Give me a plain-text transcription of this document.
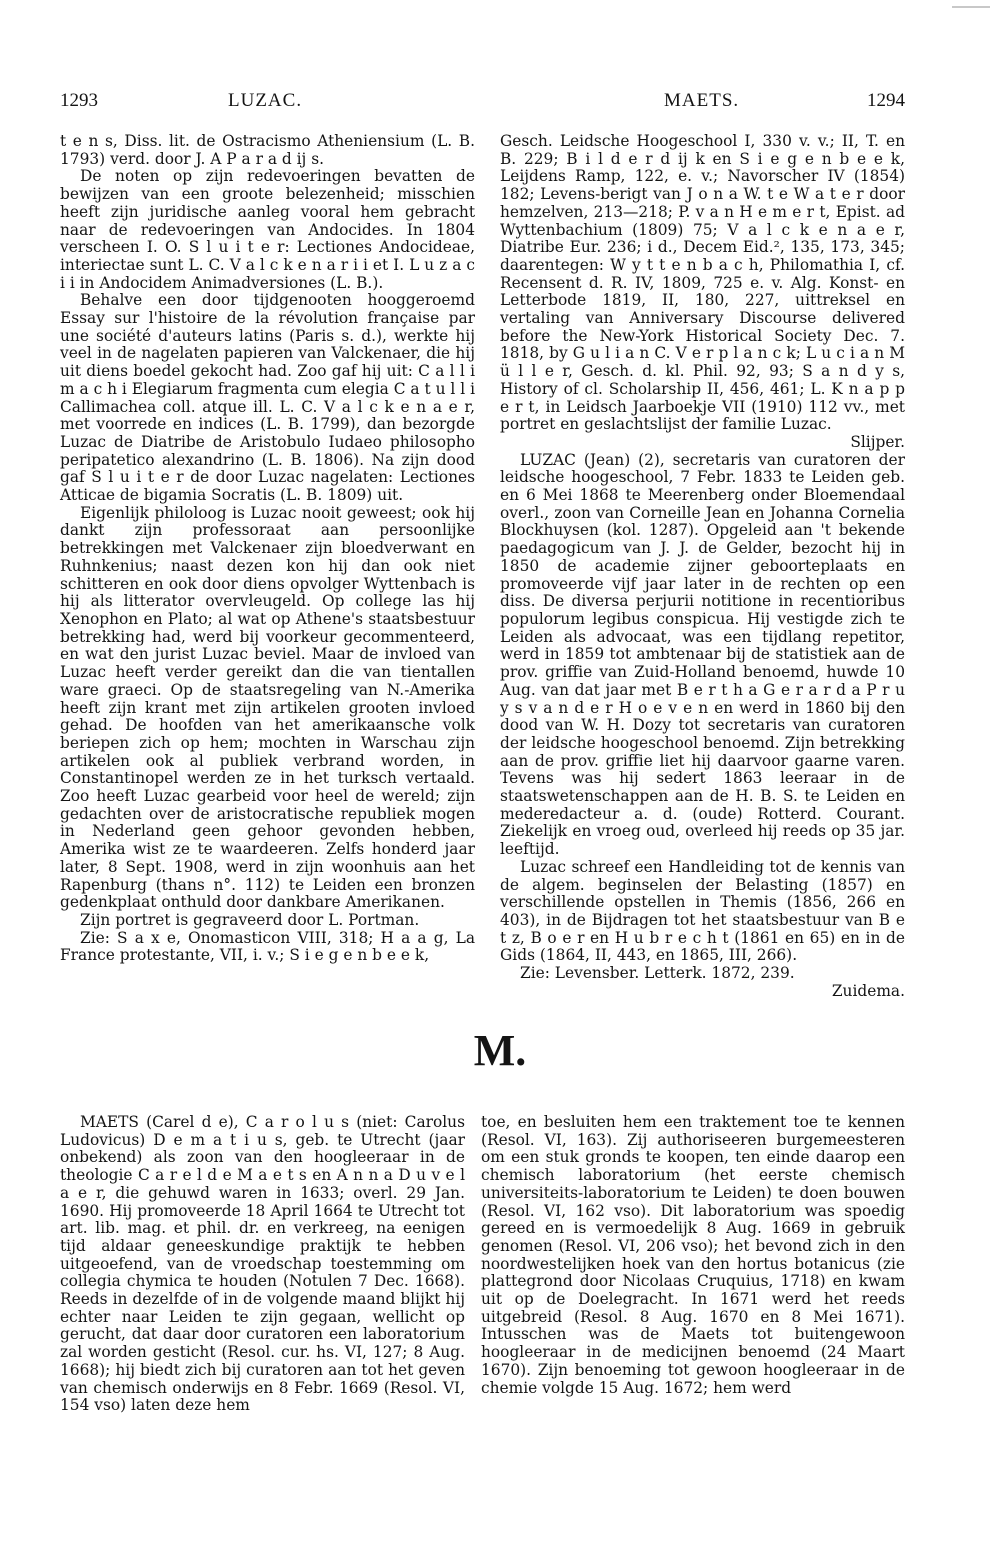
1293	LUZAC.	MAETS.	1294

t e n s, Diss. lit. de Ostracismo Atheniensium (L. B. 1793) verd. door J. A P a r a d ij s.

De noten op zijn redevoeringen bevatten de bewijzen van een groote belezenheid; misschien heeft zijn juridische aanleg vooral hem gebracht naar de redevoeringen van Andocides. In 1804 verscheen I. O. S l u i t e r: Lectiones Andocideae, interiectae sunt L. C. V a l c k e n a r i i et I. L u z a c i i in Andocidem Animadversiones (L. B.).

Behalve een door tijdgenooten hooggeroemd Essay sur l'histoire de la révolution française par une société d'auteurs latins (Paris s. d.), werkte hij veel in de nagelaten papieren van Valckenaer, die hij uit diens boedel gekocht had. Zoo gaf hij uit: C a l l i m a c h i Elegiarum fragmenta cum elegia C a t u l l i Callimachea coll. atque ill. L. C. V a l c k e n a e r, met voorrede en indices (L. B. 1799), dan bezorgde Luzac de Diatribe de Aristobulo Iudaeo philosopho peripatetico alexandrino (L. B. 1806). Na zijn dood gaf S l u i t e r de door Luzac nagelaten: Lectiones Atticae de bigamia Socratis (L. B. 1809) uit.

Eigenlijk philoloog is Luzac nooit geweest; ook hij dankt zijn professoraat aan persoonlijke betrekkingen met Valckenaer zijn bloedverwant en Ruhnkenius; naast dezen kon hij dan ook niet schitteren en ook door diens opvolger Wyttenbach is hij als litterator overvleugeld. Op college las hij Xenophon en Plato; al wat op Athene's staatsbestuur betrekking had, werd bij voorkeur gecommenteerd, en wat den jurist Luzac beviel. Maar de invloed van Luzac heeft verder gereikt dan die van tientallen ware graeci. Op de staatsregeling van N.-Amerika heeft zijn krant met zijn artikelen grooten invloed gehad. De hoofden van het amerikaansche volk beriepen zich op hem; mochten in Warschau zijn artikelen ook al publiek verbrand worden, in Constantinopel werden ze in het turksch vertaald. Zoo heeft Luzac gearbeid voor heel de wereld; zijn gedachten over de aristocratische republiek mogen in Nederland geen gehoor gevonden hebben, Amerika wist ze te waardeeren. Zelfs honderd jaar later, 8 Sept. 1908, werd in zijn woonhuis aan het Rapenburg (thans n°. 112) te Leiden een bronzen gedenkplaat onthuld door dankbare Amerikanen.

Zijn portret is gegraveerd door L. Portman.

Zie: S a x e, Onomasticon VIII, 318; H a a g, La France protestante, VII, i. v.; S i e g e n b e e k,

Gesch. Leidsche Hoogeschool I, 330 v. v.; II, T. en B. 229; B i l d e r d ij k en S i e g e n b e e k, Leijdens Ramp, 122, e. v.; Navorscher IV (1854) 182; Levens-berigt van J o n a W. t e W a t e r door hemzelven, 213—218; P. v a n H e m e r t, Epist. ad Wyttenbachium (1809) 75; V a l c k e n a e r, Diatribe Eur. 236; i d., Decem Eid.², 135, 173, 345; daarentegen: W y t t e n b a c h, Philomathia I, cf. Recensent d. R. IV, 1809, 725 e. v. Alg. Konst- en Letterbode 1819, II, 180, 227, uittreksel en vertaling van Anniversary Discourse delivered before the New-York Historical Society Dec. 7. 1818, by G u l i a n C. V e r p l a n c k; L u c i a n M ü l l e r, Gesch. d. kl. Phil. 92, 93; S a n d y s, History of cl. Scholarship II, 456, 461; L. K n a p p e r t, in Leidsch Jaarboekje VII (1910) 112 vv., met portret en geslachtslijst der familie Luzac.

Slijper.

LUZAC (Jean) (2), secretaris van curatoren der leidsche hoogeschool, 7 Febr. 1833 te Leiden geb. en 6 Mei 1868 te Meerenberg onder Bloemendaal overl., zoon van Corneille Jean en Johanna Cornelia Blockhuysen (kol. 1287). Opgeleid aan 't bekende paedagogicum van J. J. de Gelder, bezocht hij in 1850 de academie zijner geboorteplaats en promoveerde vijf jaar later in de rechten op een diss. De diversa perjurii notitione in recentioribus populorum legibus conspicua. Hij vestigde zich te Leiden als advocaat, was een tijdlang repetitor, werd in 1859 tot ambtenaar bij de statistiek aan de prov. griffie van Zuid-Holland benoemd, huwde 10 Aug. van dat jaar met B e r t h a G e r a r d a P r u y s v a n d e r H o e v e n en werd in 1860 bij den dood van W. H. Dozy tot secretaris van curatoren der leidsche hoogeschool benoemd. Zijn betrekking aan de prov. griffie liet hij daarvoor gaarne varen. Tevens was hij sedert 1863 leeraar in de staatswetenschappen aan de H. B. S. te Leiden en mederedacteur a. d. (oude) Rotterd. Courant. Ziekelijk en vroeg oud, overleed hij reeds op 35 jar. leeftijd.

Luzac schreef een Handleiding tot de kennis van de algem. beginselen der Belasting (1857) en verschillende opstellen in Themis (1856, 266 en 403), in de Bijdragen tot het staatsbestuur van B e t z, B o e r en H u b r e c h t (1861 en 65) en in de Gids (1864, II, 443, en 1865, III, 266).

Zie: Levensber. Letterk. 1872, 239.

Zuidema.

M.

MAETS (Carel d e), C a r o l u s (niet: Carolus Ludovicus) D e m a t i u s, geb. te Utrecht (jaar onbekend) als zoon van den hoogleeraar in de theologie C a r e l d e M a e t s en A n n a D u v e l a e r, die gehuwd waren in 1633; overl. 29 Jan. 1690. Hij promoveerde 18 April 1664 te Utrecht tot art. lib. mag. et phil. dr. en verkreeg, na eenigen tijd aldaar geneeskundige praktijk te hebben uitgeoefend, van de vroedschap toestemming om collegia chymica te houden (Notulen 7 Dec. 1668). Reeds in dezelfde of in de volgende maand blijkt hij echter naar Leiden te zijn gegaan, wellicht op gerucht, dat daar door curatoren een laboratorium zal worden gesticht (Resol. cur. hs. VI, 127; 8 Aug. 1668); hij biedt zich bij curatoren aan tot het geven van chemisch onderwijs en 8 Febr. 1669 (Resol. VI, 154 vso) laten deze hem

toe, en besluiten hem een traktement toe te kennen (Resol. VI, 163). Zij authoriseeren burgemeesteren om een stuk gronds te koopen, ten einde daarop een chemisch laboratorium (het eerste chemisch universiteits-laboratorium te Leiden) te doen bouwen (Resol. VI, 162 vso). Dit laboratorium was spoedig gereed en is vermoedelijk 8 Aug. 1669 in gebruik genomen (Resol. VI, 206 vso); het bevond zich in den noordwestelijken hoek van den hortus botanicus (zie plattegrond door Nicolaas Cruquius, 1718) en kwam uit op de Doelegracht. In 1671 werd het reeds uitgebreid (Resol. 8 Aug. 1670 en 8 Mei 1671). Intusschen was de Maets tot buitengewoon hoogleeraar in de medicijnen benoemd (24 Maart 1670). Zijn benoeming tot gewoon hoogleeraar in de chemie volgde 15 Aug. 1672; hem werd
